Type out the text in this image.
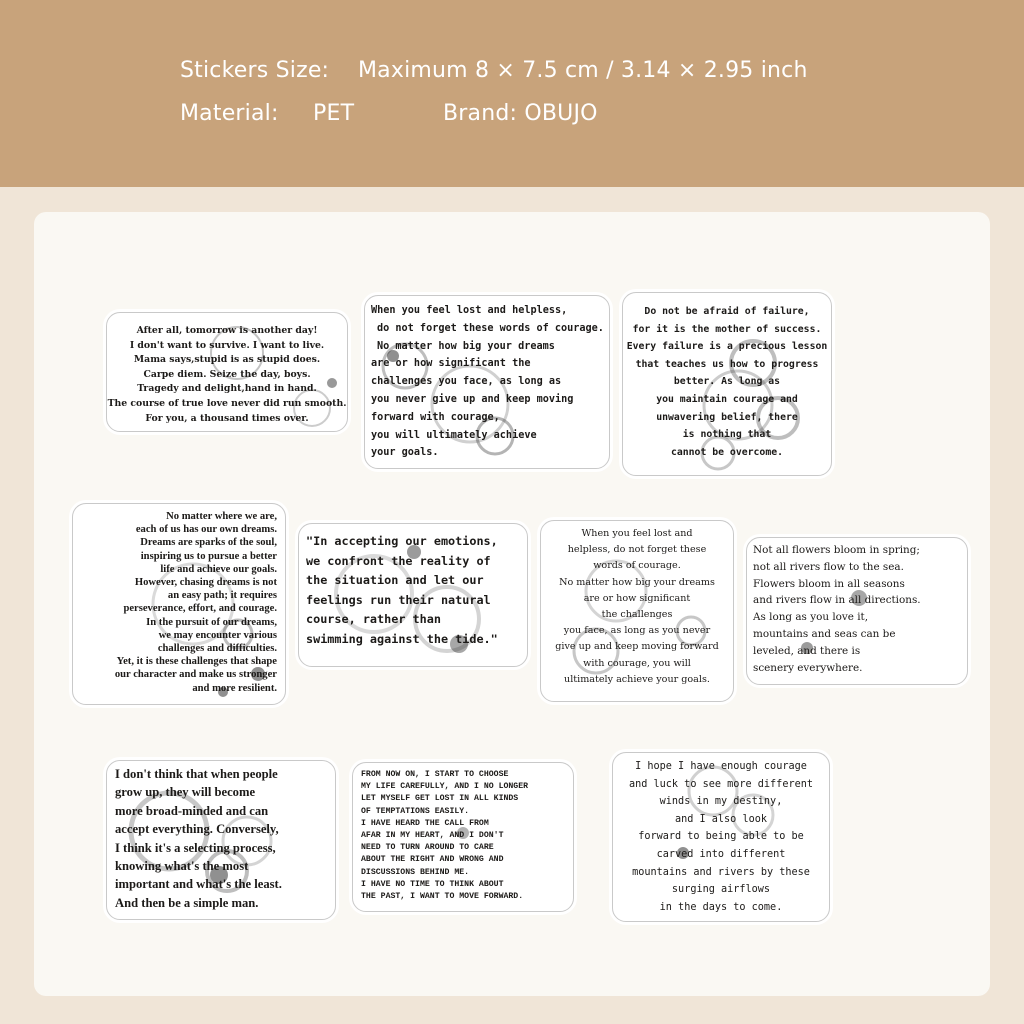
Stickers Size: Maximum 8 × 7.5 cm / 3.14 × 2.95 inch
Material: PET	Brand: OBUJO
After all, tomorrow is another day!
I don't want to survive. I want to live.
Mama says,stupid is as stupid does.
Carpe diem. Seize the day, boys.
Tragedy and delight,hand in hand.
The course of true love never did run smooth.
For you, a thousand times over.
When you feel lost and helpless,
do not forget these words of courage.
No matter how big your dreams
are or how significant the
challenges you face, as long as
you never give up and keep moving
forward with courage,
you will ultimately achieve
your goals.
Do not be afraid of failure,
for it is the mother of success.
Every failure is a precious lesson
that teaches us how to progress
better. As long as
you maintain courage and
unwavering belief, there
is nothing that
cannot be overcome.
No matter where we are,
each of us has our own dreams.
Dreams are sparks of the soul,
inspiring us to pursue a better
life and achieve our goals.
However, chasing dreams is not
an easy path; it requires
perseverance, effort, and courage.
In the pursuit of our dreams,
we may encounter various
challenges and difficulties.
Yet, it is these challenges that shape
our character and make us stronger
and more resilient.
"In accepting our emotions,
we confront the reality of
the situation and let our
feelings run their natural
course, rather than
swimming against the tide."
When you feel lost and
helpless, do not forget these
words of courage.
No matter how big your dreams
are or how significant
the challenges
you face, as long as you never
give up and keep moving forward
with courage, you will
ultimately achieve your goals.
Not all flowers bloom in spring;
not all rivers flow to the sea.
Flowers bloom in all seasons
and rivers flow in all directions.
As long as you love it,
mountains and seas can be
leveled, and there is
scenery everywhere.
I don't think that when people
grow up, they will become
more broad-minded and can
accept everything. Conversely,
I think it's a selecting process,
knowing what's the most
important and what's the least.
And then be a simple man.
FROM NOW ON, I START TO CHOOSE
MY LIFE CAREFULLY, AND I NO LONGER
LET MYSELF GET LOST IN ALL KINDS
OF TEMPTATIONS EASILY.
I HAVE HEARD THE CALL FROM
AFAR IN MY HEART, AND I DON'T
NEED TO TURN AROUND TO CARE
ABOUT THE RIGHT AND WRONG AND
DISCUSSIONS BEHIND ME.
I HAVE NO TIME TO THINK ABOUT
THE PAST, I WANT TO MOVE FORWARD.
I hope I have enough courage
and luck to see more different
winds in my destiny,
and I also look
forward to being able to be
carved into different
mountains and rivers by these
surging airflows
in the days to come.
